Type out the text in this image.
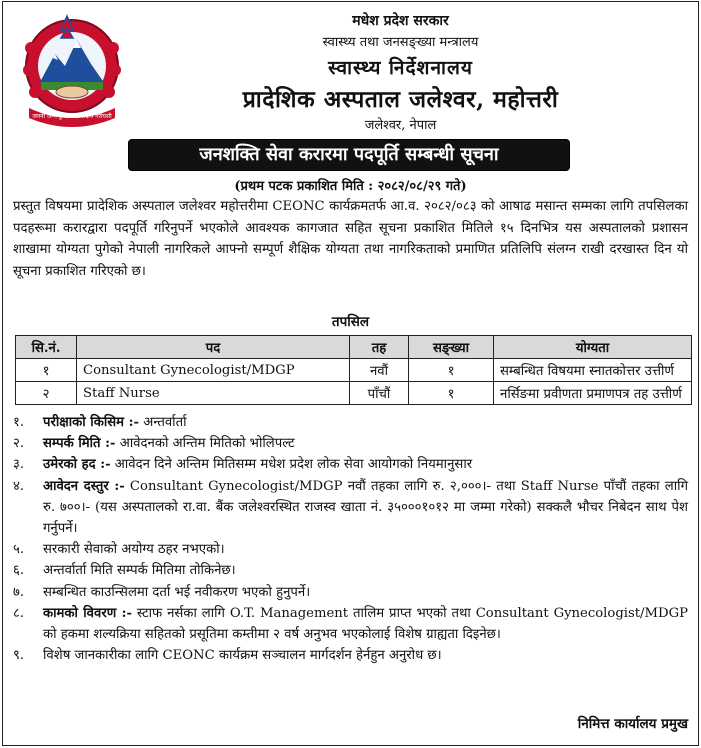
जननी जन्मभूमिश्च स्वर्गादपि गरीयसी
मधेश प्रदेश सरकार
स्वास्थ्य तथा जनसङ्ख्या मन्त्रालय
स्वास्थ्य निर्देशनालय
प्रादेशिक अस्पताल जलेश्वर, महोत्तरी
जलेश्वर, नेपाल
जनशक्ति सेवा करारमा पदपूर्ति सम्बन्धी सूचना
(प्रथम पटक प्रकाशित मिति : २०८२/०८/२९ गते)
प्रस्तुत विषयमा प्रादेशिक अस्पताल जलेश्वर महोत्तरीमा CEONC कार्यक्रमतर्फ आ.व. २०८२/०८३ को आषाढ मसान्त सम्मका लागि तपसिलका पदहरूमा करारद्वारा पदपूर्ति गरिनुपर्ने भएकोले आवश्यक कागजात सहित सूचना प्रकाशित मितिले १५ दिनभित्र यस अस्पतालको प्रशासन शाखामा योग्यता पुगेको नेपाली नागरिकले आफ्नो सम्पूर्ण शैक्षिक योग्यता तथा नागरिकताको प्रमाणित प्रतिलिपि संलग्न राखी दरखास्त दिन यो सूचना प्रकाशित गरिएको छ।
तपसिल
सि.नं.	पद	तह	सङ्ख्या	योग्यता
१	Consultant Gynecologist/MDGP	नवौं	१	सम्बन्धित विषयमा स्नातकोत्तर उत्तीर्ण
२	Staff Nurse	पाँचौं	१	नर्सिङमा प्रवीणता प्रमाणपत्र तह उत्तीर्ण
१.	परीक्षाको किसिम :- अन्तर्वार्ता
२.	सम्पर्क मिति :- आवेदनको अन्तिम मितिको भोलिपल्ट
३.	उमेरको हद :- आवेदन दिने अन्तिम मितिसम्म मधेश प्रदेश लोक सेवा आयोगको नियमानुसार
४.	आवेदन दस्तुर :- Consultant Gynecologist/MDGP नवौं तहका लागि रु. २,०००।- तथा Staff Nurse पाँचौं तहका लागि रु. ७००।- (यस अस्पतालको रा.वा. बैंक जलेश्वरस्थित राजस्व खाता नं. ३५०००१०१२ मा जम्मा गरेको) सक्कलै भौचर निबेदन साथ पेश गर्नुपर्ने।
५.	सरकारी सेवाको अयोग्य ठहर नभएको।
६.	अन्तर्वार्ता मिति सम्पर्क मितिमा तोकिनेछ।
७.	सम्बन्धित काउन्सिलमा दर्ता भई नवीकरण भएको हुनुपर्ने।
८.	कामको विवरण :- स्टाफ नर्सका लागि O.T. Management तालिम प्राप्त भएको तथा Consultant Gynecologist/MDGP को हकमा शल्यक्रिया सहितको प्रसूतिमा कम्तीमा २ वर्ष अनुभव भएकोलाई विशेष ग्राह्यता दिइनेछ।
९.	विशेष जानकारीका लागि CEONC कार्यक्रम सञ्चालन मार्गदर्शन हेर्नहुन अनुरोध छ।
निमित्त कार्यालय प्रमुख
